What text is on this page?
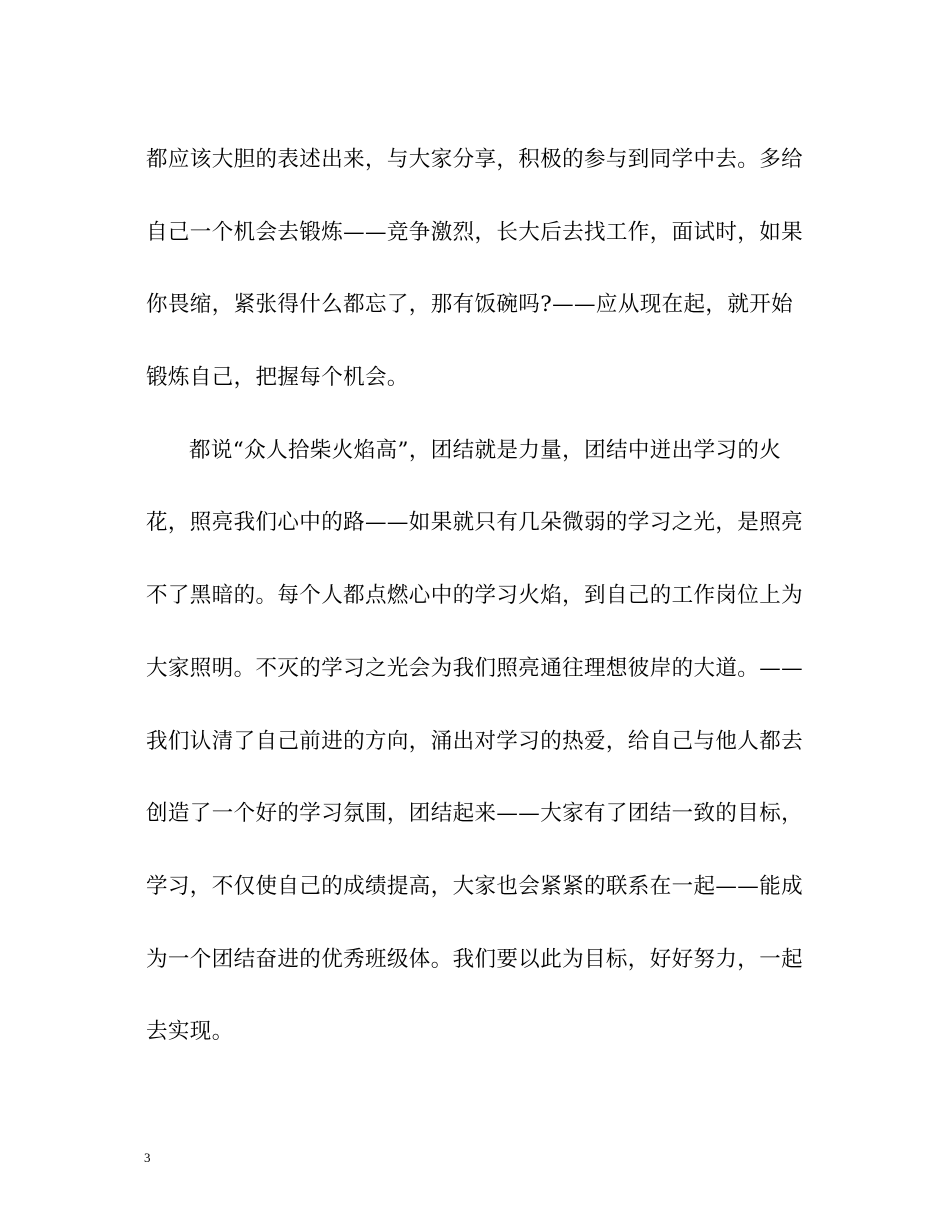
都应该大胆的表述出来，与大家分享，积极的参与到同学中去。多给
自己一个机会去锻炼——竞争激烈，长大后去找工作，面试时，如果
你畏缩，紧张得什么都忘了，那有饭碗吗?——应从现在起，就开始
锻炼自己，把握每个机会。
都说“众人拾柴火焰高”，团结就是力量，团结中迸出学习的火
花，照亮我们心中的路——如果就只有几朵微弱的学习之光，是照亮
不了黑暗的。每个人都点燃心中的学习火焰，到自己的工作岗位上为
大家照明。不灭的学习之光会为我们照亮通往理想彼岸的大道。——
我们认清了自己前进的方向，涌出对学习的热爱，给自己与他人都去
创造了一个好的学习氛围，团结起来——大家有了团结一致的目标，
学习，不仅使自己的成绩提高，大家也会紧紧的联系在一起——能成
为一个团结奋进的优秀班级体。我们要以此为目标，好好努力，一起
去实现。
3
